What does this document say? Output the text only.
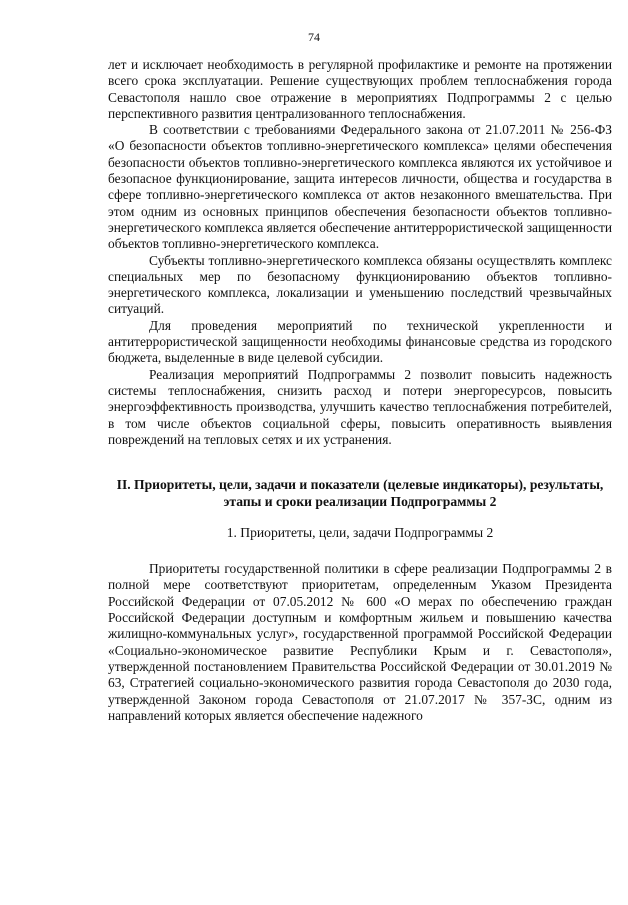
74

лет и исключает необходимость в регулярной профилактике и ремонте на протяжении всего срока эксплуатации. Решение существующих проблем теплоснабжения города Севастополя нашло свое отражение в мероприятиях Подпрограммы 2 с целью перспективного развития централизованного теплоснабжения.

В соответствии с требованиями Федерального закона от 21.07.2011 № 256-ФЗ «О безопасности объектов топливно-энергетического комплекса» целями обеспечения безопасности объектов топливно-энергетического комплекса являются их устойчивое и безопасное функционирование, защита интересов личности, общества и государства в сфере топливно-энергетического комплекса от актов незаконного вмешательства. При этом одним из основных принципов обеспечения безопасности объектов топливно-энергетического комплекса является обеспечение антитеррористической защищенности объектов топливно-энергетического комплекса.

Субъекты топливно-энергетического комплекса обязаны осуществлять комплекс специальных мер по безопасному функционированию объектов топливно-энергетического комплекса, локализации и уменьшению последствий чрезвычайных ситуаций.

Для проведения мероприятий по технической укрепленности и антитеррористической защищенности необходимы финансовые средства из городского бюджета, выделенные в виде целевой субсидии.

Реализация мероприятий Подпрограммы 2 позволит повысить надежность системы теплоснабжения, снизить расход и потери энергоресурсов, повысить энергоэффективность производства, улучшить качество теплоснабжения потребителей, в том числе объектов социальной сферы, повысить оперативность выявления повреждений на тепловых сетях и их устранения.

II. Приоритеты, цели, задачи и показатели (целевые индикаторы), результаты, этапы и сроки реализации Подпрограммы 2
1. Приоритеты, цели, задачи Подпрограммы 2

Приоритеты государственной политики в сфере реализации Подпрограммы 2 в полной мере соответствуют приоритетам, определенным Указом Президента Российской Федерации от 07.05.2012 № 600 «О мерах по обеспечению граждан Российской Федерации доступным и комфортным жильем и повышению качества жилищно-коммунальных услуг», государственной программой Российской Федерации «Социально-экономическое развитие Республики Крым и г. Севастополя», утвержденной постановлением Правительства Российской Федерации от 30.01.2019 № 63, Стратегией социально-экономического развития города Севастополя до 2030 года, утвержденной Законом города Севастополя от 21.07.2017 № 357-ЗС, одним из направлений которых является обеспечение надежного
